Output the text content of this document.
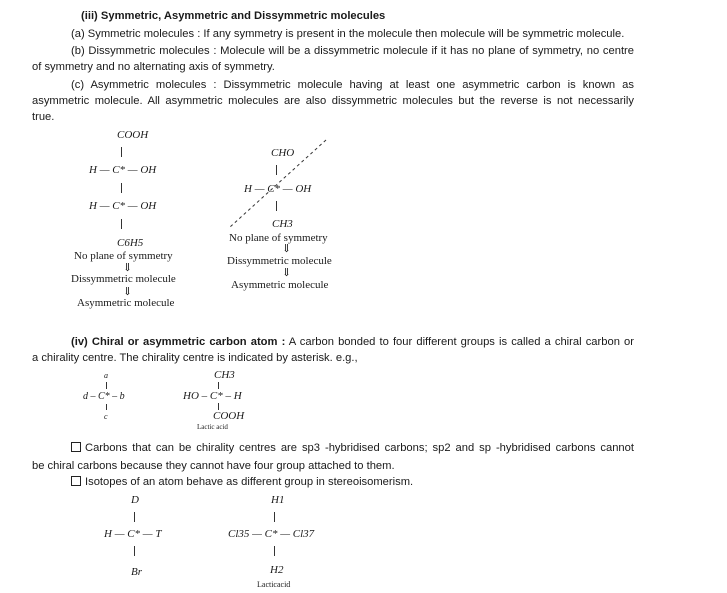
(iii) Symmetric, Asymmetric and Dissymmetric molecules
(a) Symmetric molecules : If any symmetry is present in the molecule then molecule will be symmetric molecule.
(b) Dissymmetric molecules : Molecule will be a dissymmetric molecule if it has no plane of symmetry, no centre
of symmetry and no alternating axis of symmetry.
(c) Asymmetric molecules : Dissymmetric molecule having at least one asymmetric carbon is known as
asymmetric molecule. All asymmetric molecules are also dissymmetric molecules but the reverse is not necessarily
true.
COOH
H — C* — OH
H — C* — OH
C6H5
No plane of symmetry
⇓
Dissymmetric molecule
⇓
Asymmetric molecule
CHO
H — C* — OH
CH3
No plane of symmetry
⇓
Dissymmetric molecule
⇓
Asymmetric molecule
(iv) Chiral or asymmetric carbon atom : A carbon bonded to four different groups is called a chiral carbon or
a chirality centre. The chirality centre is indicated by asterisk. e.g.,
a
d – C* – b
c
CH3
HO – C* – H
COOH
Lactic acid
Carbons that can be chirality centres are sp3 -hybridised carbons; sp2 and sp -hybridised carbons cannot
be chiral carbons because they cannot have four group attached to them.
Isotopes of an atom behave as different group in stereoisomerism.
D
H — C* — T
Br
H1
Cl35 — C* — Cl37
H2
Lacticacid
